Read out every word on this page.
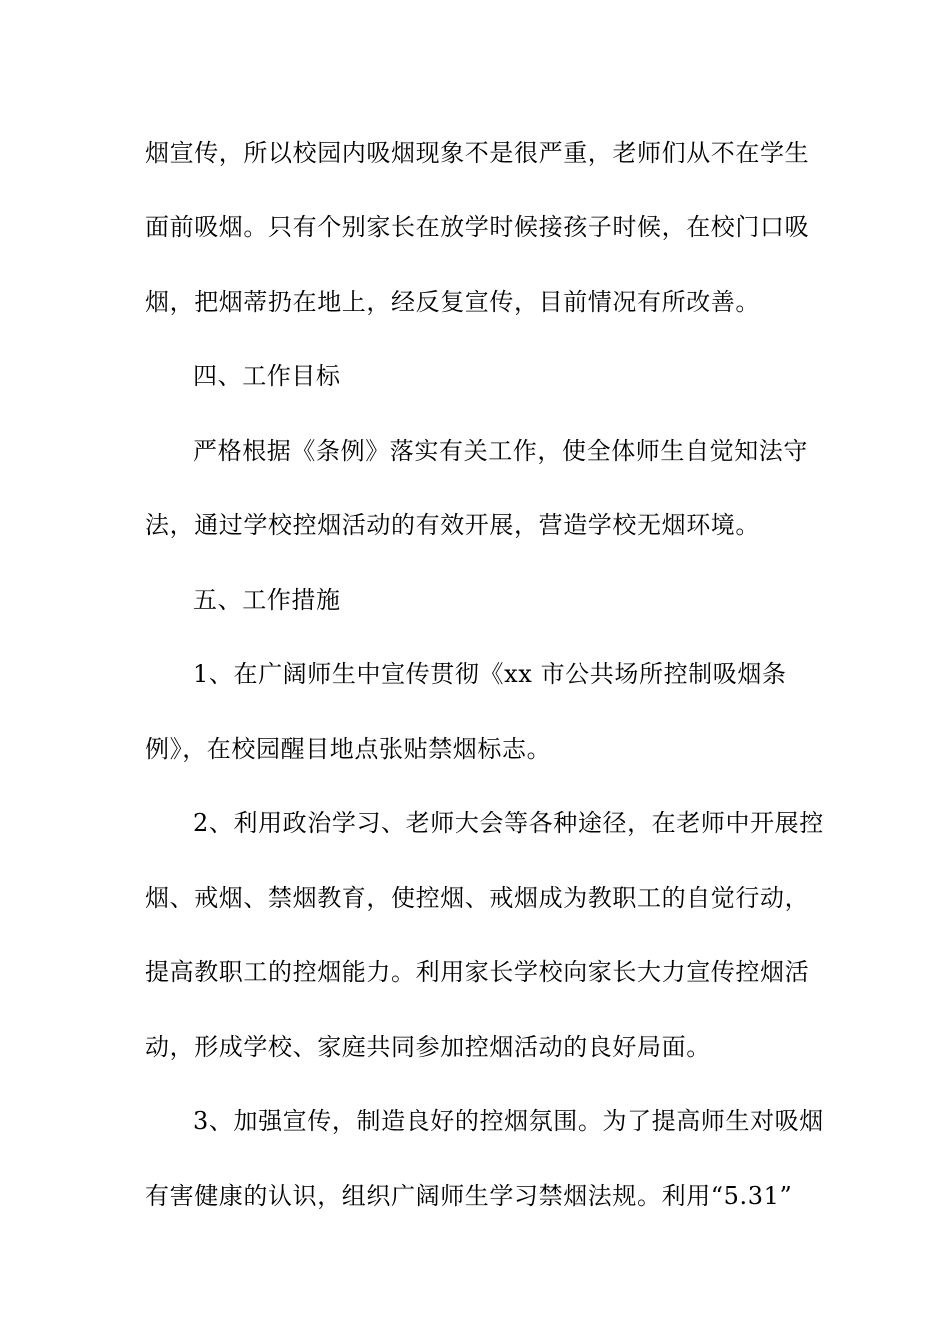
烟宣传，所以校园内吸烟现象不是很严重，老师们从不在学生
面前吸烟。只有个别家长在放学时候接孩子时候，在校门口吸
烟，把烟蒂扔在地上，经反复宣传，目前情况有所改善。
四、工作目标
严格根据《条例》落实有关工作，使全体师生自觉知法守
法，通过学校控烟活动的有效开展，营造学校无烟环境。
五、工作措施
1、在广阔师生中宣传贯彻《xx 市公共场所控制吸烟条
例》，在校园醒目地点张贴禁烟标志。
2、利用政治学习、老师大会等各种途径，在老师中开展控
烟、戒烟、禁烟教育，使控烟、戒烟成为教职工的自觉行动，
提高教职工的控烟能力。利用家长学校向家长大力宣传控烟活
动，形成学校、家庭共同参加控烟活动的良好局面。
3、加强宣传，制造良好的控烟氛围。为了提高师生对吸烟
有害健康的认识，组织广阔师生学习禁烟法规。利用“5.31”
